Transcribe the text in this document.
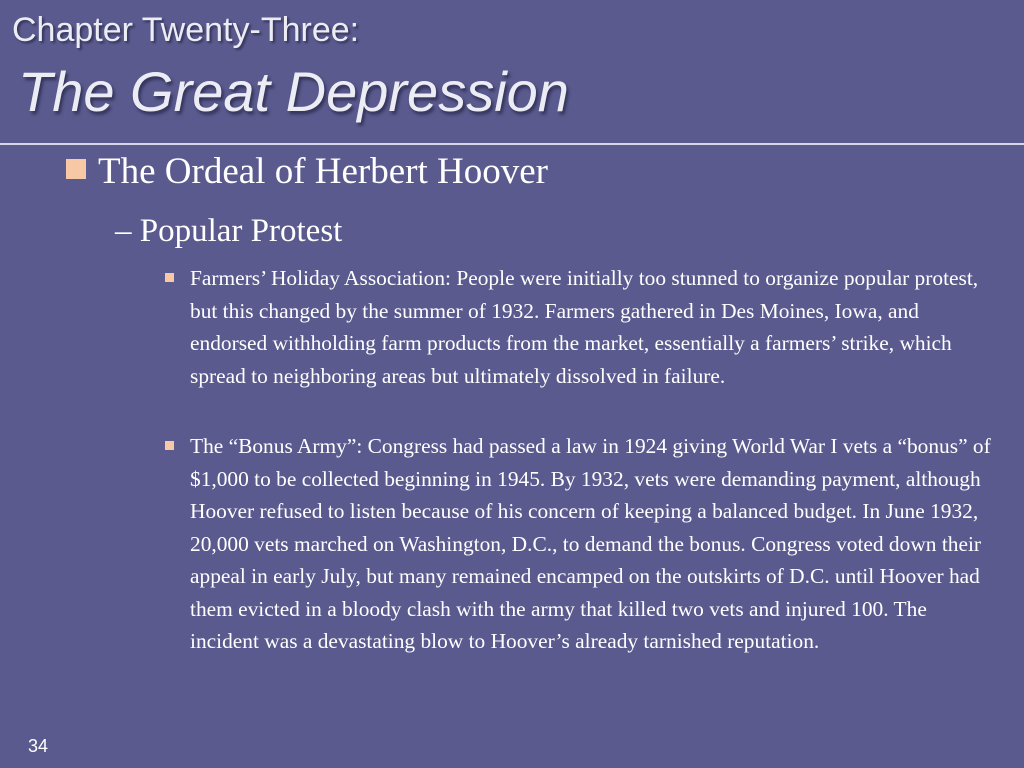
Chapter Twenty-Three:
The Great Depression
The Ordeal of Herbert Hoover
– Popular Protest
Farmers’ Holiday Association: People were initially too stunned to organize popular protest, but this changed by the summer of 1932. Farmers gathered in Des Moines, Iowa, and endorsed withholding farm products from the market, essentially a farmers’ strike, which spread to neighboring areas but ultimately dissolved in failure.
The “Bonus Army”: Congress had passed a law in 1924 giving World War I vets a “bonus” of $1,000 to be collected beginning in 1945. By 1932, vets were demanding payment, although Hoover refused to listen because of his concern of keeping a balanced budget. In June 1932, 20,000 vets marched on Washington, D.C., to demand the bonus. Congress voted down their appeal in early July, but many remained encamped on the outskirts of D.C. until Hoover had them evicted in a bloody clash with the army that killed two vets and injured 100. The incident was a devastating blow to Hoover’s already tarnished reputation.
34
